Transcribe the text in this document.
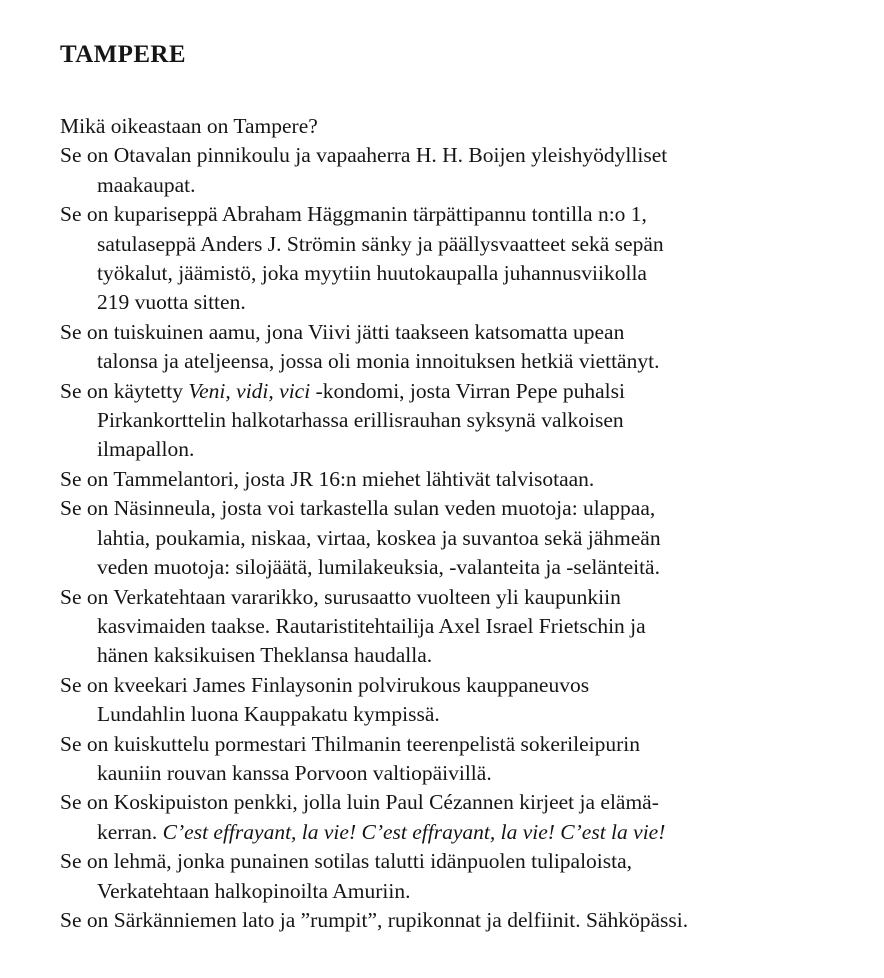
TAMPERE
Mikä oikeastaan on Tampere?
Se on Otavalan pinnikoulu ja vapaaherra H. H. Boijen yleishyödylliset
maakaupat.
Se on kupariseppä Abraham Häggmanin tärpättipannu tontilla n:o 1,
satulaseppä Anders J. Strömin sänky ja päällysvaatteet sekä sepän
työkalut, jäämistö, joka myytiin huutokaupalla juhannusviikolla
219 vuotta sitten.
Se on tuiskuinen aamu, jona Viivi jätti taakseen katsomatta upean
talonsa ja ateljeensa, jossa oli monia innoituksen hetkiä viettänyt.
Se on käytetty Veni, vidi, vici -kondomi, josta Virran Pepe puhalsi
Pirkankorttelin halkotarhassa erillisrauhan syksynä valkoisen
ilmapallon.
Se on Tammelantori, josta JR 16:n miehet lähtivät talvisotaan.
Se on Näsinneula, josta voi tarkastella sulan veden muotoja: ulappaa,
lahtia, poukamia, niskaa, virtaa, koskea ja suvantoa sekä jähmeän
veden muotoja: silojäätä, lumilakeuksia, -valanteita ja -selänteitä.
Se on Verkatehtaan vararikko, surusaatto vuolteen yli kaupunkiin
kasvimaiden taakse. Rautaristitehtailija Axel Israel Frietschin ja
hänen kaksikuisen Theklansa haudalla.
Se on kveekari James Finlaysonin polvirukous kauppaneuvos
Lundahlin luona Kauppakatu kympissä.
Se on kuiskuttelu pormestari Thilmanin teerenpelistä sokerileipurin
kauniin rouvan kanssa Porvoon valtiopäivillä.
Se on Koskipuiston penkki, jolla luin Paul Cézannen kirjeet ja elämä-
kerran. C’est effrayant, la vie! C’est effrayant, la vie! C’est la vie!
Se on lehmä, jonka punainen sotilas talutti idänpuolen tulipaloista,
Verkatehtaan halkopinoilta Amuriin.
Se on Särkänniemen lato ja ”rumpit”, rupikonnat ja delfiinit. Sähköpässi.
